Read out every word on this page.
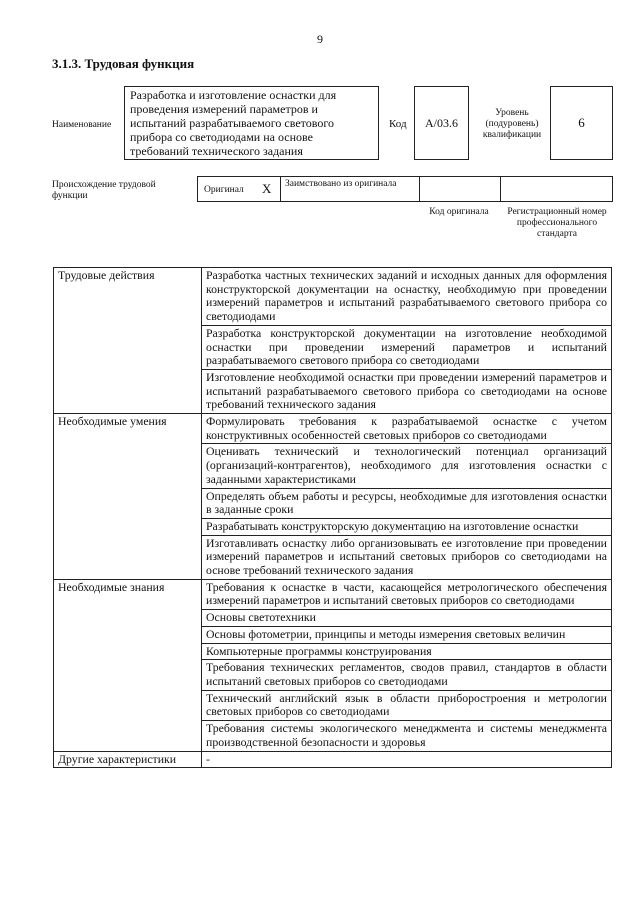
9
3.1.3. Трудовая функция
Наименование
Разработка и изготовление оснастки для проведения измерений параметров и испытаний разрабатываемого светового прибора со светодиодами на основе требований технического задания
Код A/03.6
Уровень (подуровень) квалификации
6
Происхождение трудовой функции
Оригинал X Заимствовано из оригинала
Код оригинала	Регистрационный номер профессионального стандарта
Трудовые действия	Разработка частных технических заданий и исходных данных для оформления конструкторской документации на оснастку, необходимую при проведении измерений параметров и испытаний разрабатываемого светового прибора со светодиодами
	Разработка конструкторской документации на изготовление необходимой оснастки при проведении измерений параметров и испытаний разрабатываемого светового прибора со светодиодами
	Изготовление необходимой оснастки при проведении измерений параметров и испытаний разрабатываемого светового прибора со светодиодами на основе требований технического задания
Необходимые умения	Формулировать требования к разрабатываемой оснастке с учетом конструктивных особенностей световых приборов со светодиодами
	Оценивать технический и технологический потенциал организаций (организаций-контрагентов), необходимого для изготовления оснастки с заданными характеристиками
	Определять объем работы и ресурсы, необходимые для изготовления оснастки в заданные сроки
	Разрабатывать конструкторскую документацию на изготовление оснастки
	Изготавливать оснастку либо организовывать ее изготовление при проведении измерений параметров и испытаний световых приборов со светодиодами на основе требований технического задания
Необходимые знания	Требования к оснастке в части, касающейся метрологического обеспечения измерений параметров и испытаний световых приборов со светодиодами
	Основы светотехники
	Основы фотометрии, принципы и методы измерения световых величин
	Компьютерные программы конструирования
	Требования технических регламентов, сводов правил, стандартов в области испытаний световых приборов со светодиодами
	Технический английский язык в области приборостроения и метрологии световых приборов со светодиодами
	Требования системы экологического менеджмента и системы менеджмента производственной безопасности и здоровья
Другие характеристики	-
